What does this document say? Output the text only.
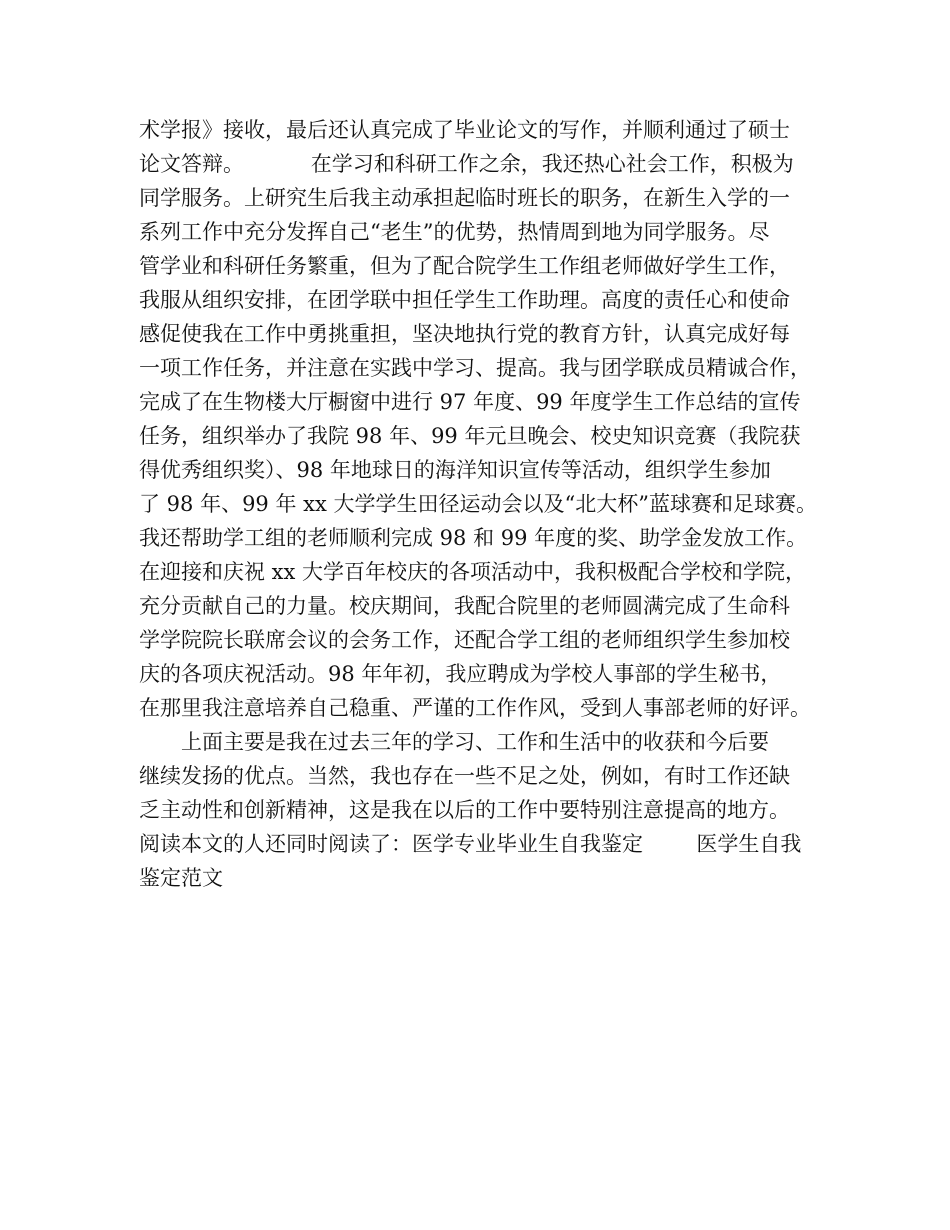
术学报》接收，最后还认真完成了毕业论文的写作，并顺利通过了硕士
论文答辩。          在学习和科研工作之余，我还热心社会工作，积极为
同学服务。上研究生后我主动承担起临时班长的职务，在新生入学的一
系列工作中充分发挥自己“老生”的优势，热情周到地为同学服务。尽
管学业和科研任务繁重，但为了配合院学生工作组老师做好学生工作，
我服从组织安排，在团学联中担任学生工作助理。高度的责任心和使命
感促使我在工作中勇挑重担，坚决地执行党的教育方针，认真完成好每
一项工作任务，并注意在实践中学习、提高。我与团学联成员精诚合作，
完成了在生物楼大厅橱窗中进行 97 年度、99 年度学生工作总结的宣传
任务，组织举办了我院 98 年、99 年元旦晚会、校史知识竞赛（我院获
得优秀组织奖）、98 年地球日的海洋知识宣传等活动，组织学生参加
了 98 年、99 年 xx 大学学生田径运动会以及“北大杯”蓝球赛和足球赛。
我还帮助学工组的老师顺利完成 98 和 99 年度的奖、助学金发放工作。
在迎接和庆祝 xx 大学百年校庆的各项活动中，我积极配合学校和学院，
充分贡献自己的力量。校庆期间，我配合院里的老师圆满完成了生命科
学学院院长联席会议的会务工作，还配合学工组的老师组织学生参加校
庆的各项庆祝活动。98 年年初，我应聘成为学校人事部的学生秘书，
在那里我注意培养自己稳重、严谨的工作作风，受到人事部老师的好评。
上面主要是我在过去三年的学习、工作和生活中的收获和今后要
继续发扬的优点。当然，我也存在一些不足之处，例如，有时工作还缺
乏主动性和创新精神，这是我在以后的工作中要特别注意提高的地方。
阅读本文的人还同时阅读了：医学专业毕业生自我鉴定        医学生自我
鉴定范文
